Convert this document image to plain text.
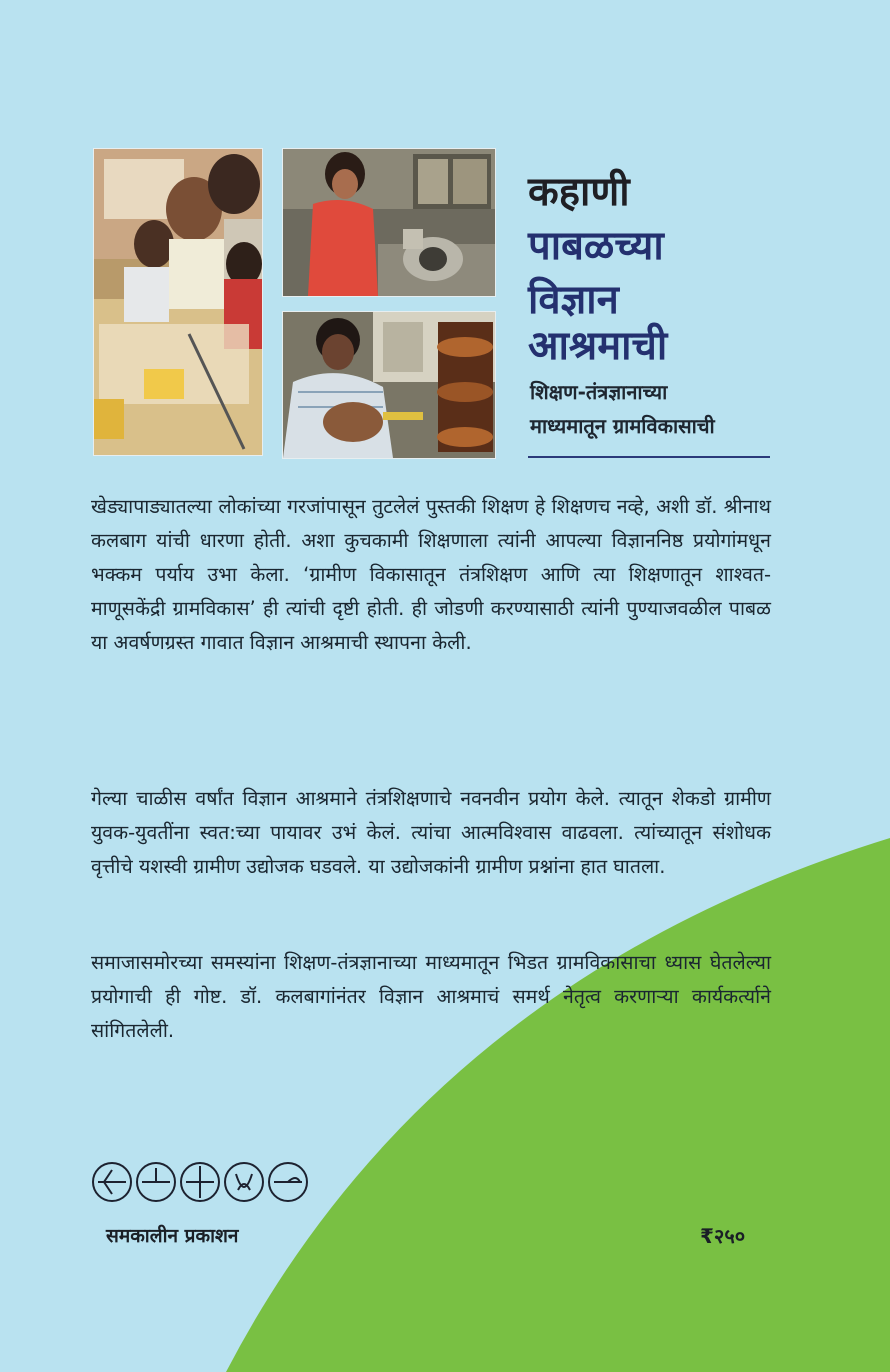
कहाणी
पाबळच्या
विज्ञान
आश्रमाची

शिक्षण-तंत्रज्ञानाच्या

माध्यमातून ग्रामविकासाची

खेड्यापाड्यातल्या लोकांच्या गरजांपासून तुटलेलं पुस्तकी शिक्षण हे शिक्षणच नव्हे, अशी डॉ. श्रीनाथ कलबाग यांची धारणा होती. अशा कुचकामी शिक्षणाला त्यांनी आपल्या विज्ञाननिष्ठ प्रयोगांमधून भक्कम पर्याय उभा केला. ‘ग्रामीण विकासातून तंत्रशिक्षण आणि त्या शिक्षणातून शाश्वत-माणूसकेंद्री ग्रामविकास’ ही त्यांची दृष्टी होती. ही जोडणी करण्यासाठी त्यांनी पुण्याजवळील पाबळ या अवर्षणग्रस्त गावात विज्ञान आश्रमाची स्थापना केली.

गेल्या चाळीस वर्षांत विज्ञान आश्रमाने तंत्रशिक्षणाचे नवनवीन प्रयोग केले. त्यातून शेकडो ग्रामीण युवक-युवतींना स्वत:च्या पायावर उभं केलं. त्यांचा आत्मविश्वास वाढवला. त्यांच्यातून संशोधक वृत्तीचे यशस्वी ग्रामीण उद्योजक घडवले. या उद्योजकांनी ग्रामीण प्रश्नांना हात घातला.

समाजासमोरच्या समस्यांना शिक्षण-तंत्रज्ञानाच्या माध्यमातून भिडत ग्रामविकासाचा ध्यास घेतलेल्या प्रयोगाची ही गोष्ट. डॉ. कलबागांनंतर विज्ञान आश्रमाचं समर्थ नेतृत्व करणाऱ्या कार्यकर्त्याने सांगितलेली.

समकालीन प्रकाशन	₹२५०
